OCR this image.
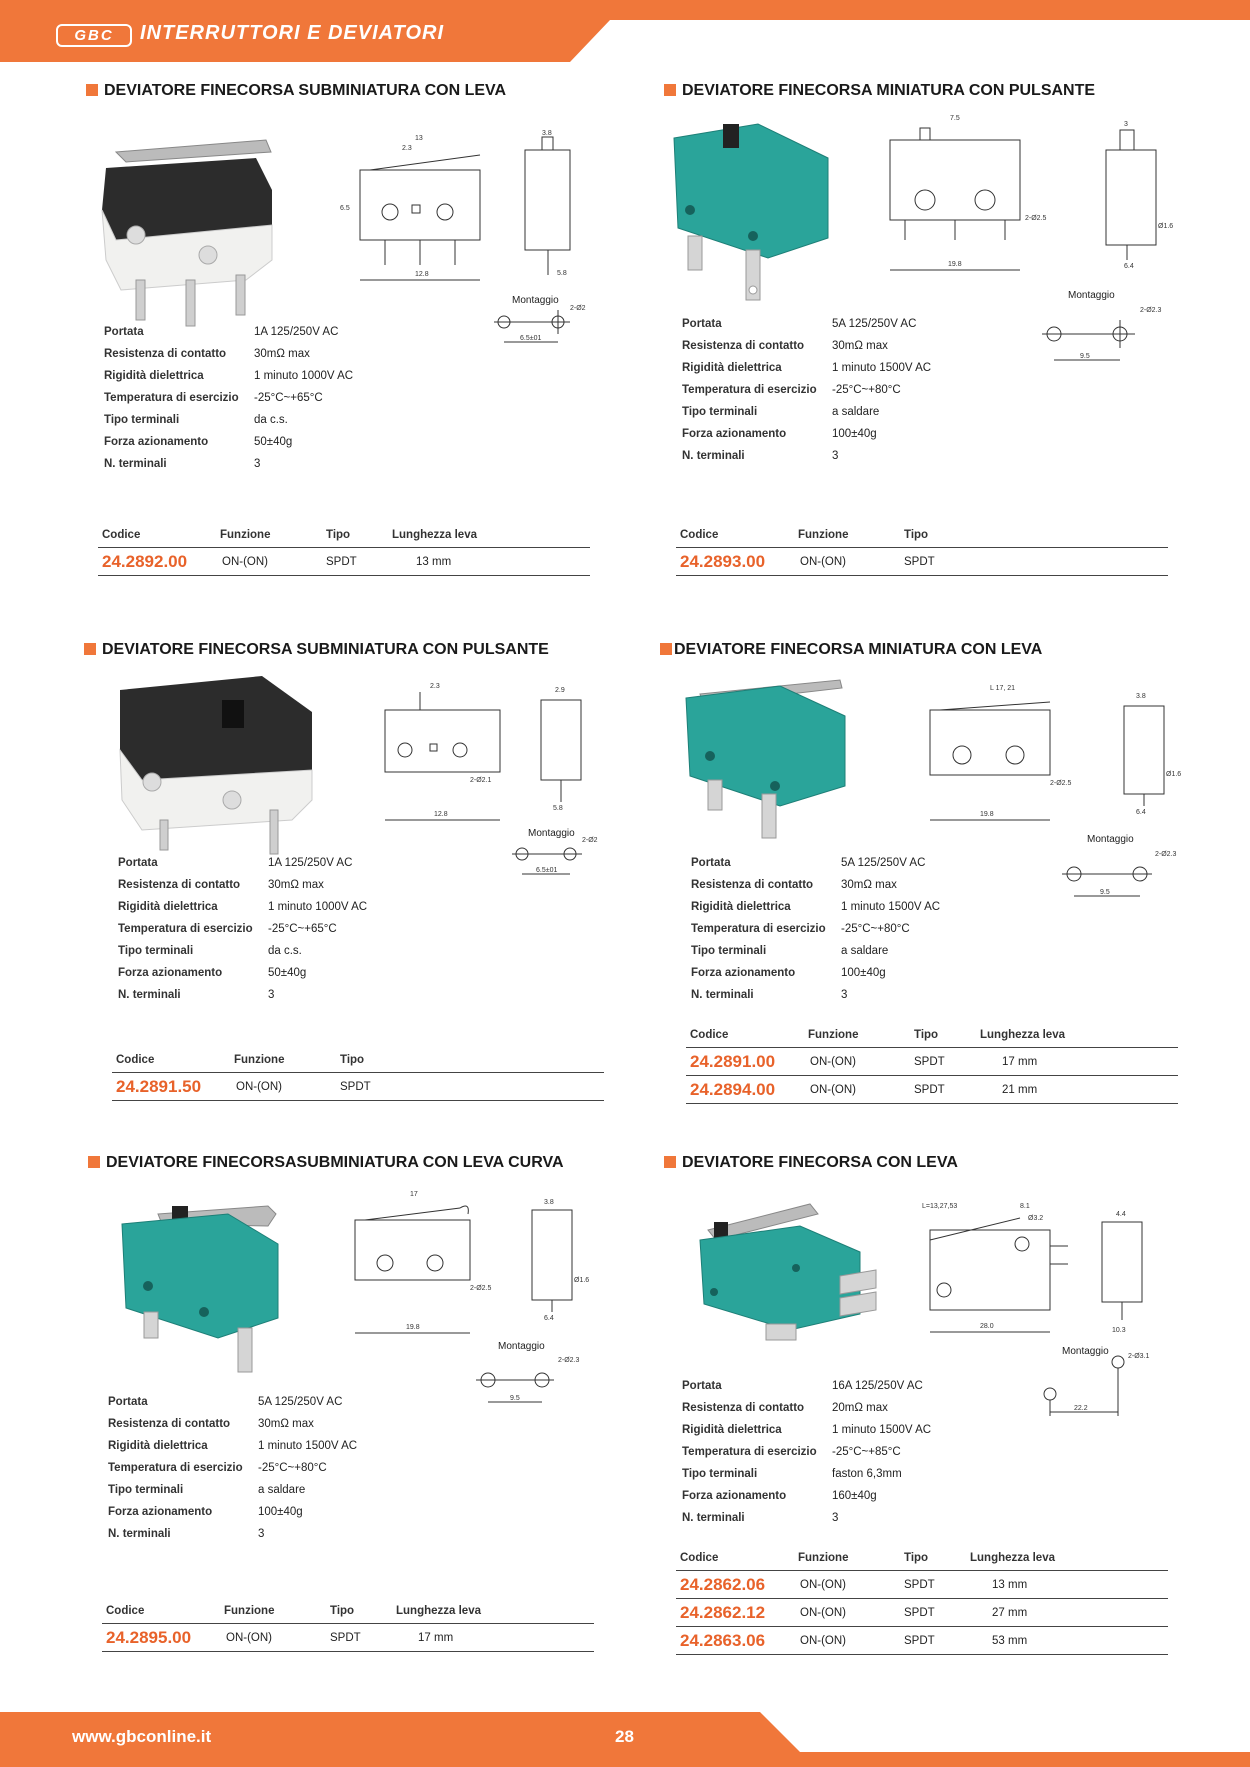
GBC	INTERRUTTORI E DEVIATORI
DEVIATORE FINECORSA SUBMINIATURA CON LEVA
13
2.3
12.8
6.5
3.8
5.8
Montaggio
6.5±01
2-Ø2
Portata	1A 125/250V AC
Resistenza di contatto 30mΩ max
Rigidità dielettrica	1 minuto 1000V AC
Temperatura di esercizio -25°C~+65°C
Tipo terminali	da c.s.
Forza azionamento	50±40g
N. terminali	3
Codice	Funzione	Tipo	Lunghezza leva
24.2892.00	ON-(ON)	SPDT	13 mm
DEVIATORE FINECORSA MINIATURA CON PULSANTE
7.5
19.8
2-Ø2.5
3
6.4
Ø1.6
Montaggio
9.5
2-Ø2.3
Portata	5A 125/250V AC
Resistenza di contatto 30mΩ max
Rigidità dielettrica	1 minuto 1500V AC
Temperatura di esercizio -25°C~+80°C
Tipo terminali	a saldare
Forza azionamento	100±40g
N. terminali	3
Codice	Funzione	Tipo
24.2893.00	ON-(ON)	SPDT
DEVIATORE FINECORSA SUBMINIATURA CON PULSANTE
2.3
12.8
2-Ø2.1
2.9
5.8
Montaggio
6.5±01
2-Ø2
Portata	1A 125/250V AC
Resistenza di contatto 30mΩ max
Rigidità dielettrica	1 minuto 1000V AC
Temperatura di esercizio -25°C~+65°C
Tipo terminali	da c.s.
Forza azionamento	50±40g
N. terminali	3
Codice	Funzione	Tipo
24.2891.50	ON-(ON)	SPDT
DEVIATORE FINECORSA MINIATURA CON LEVA
L 17, 21
19.8
2-Ø2.5
3.8
6.4
Ø1.6
Montaggio
9.5
2-Ø2.3
Portata	5A 125/250V AC
Resistenza di contatto 30mΩ max
Rigidità dielettrica	1 minuto 1500V AC
Temperatura di esercizio -25°C~+80°C
Tipo terminali	a saldare
Forza azionamento	100±40g
N. terminali	3
Codice	Funzione	Tipo	Lunghezza leva
24.2891.00	ON-(ON)	SPDT	17 mm
24.2894.00	ON-(ON)	SPDT	21 mm
DEVIATORE FINECORSASUBMINIATURA CON LEVA CURVA
17
19.8
2-Ø2.5
3.8
6.4
Ø1.6
Montaggio
9.5
2-Ø2.3
Portata	5A 125/250V AC
Resistenza di contatto 30mΩ max
Rigidità dielettrica	1 minuto 1500V AC
Temperatura di esercizio -25°C~+80°C
Tipo terminali	a saldare
Forza azionamento	100±40g
N. terminali	3
Codice	Funzione	Tipo	Lunghezza leva
24.2895.00	ON-(ON)	SPDT	17 mm
DEVIATORE FINECORSA CON LEVA
L=13,27,53	8.1
28.0
Ø3.2
4.4
10.3
Montaggio
22.2
2-Ø3.1
Portata	16A 125/250V AC
Resistenza di contatto 20mΩ max
Rigidità dielettrica	1 minuto 1500V AC
Temperatura di esercizio -25°C~+85°C
Tipo terminali	faston 6,3mm
Forza azionamento	160±40g
N. terminali	3
Codice	Funzione	Tipo	Lunghezza leva
24.2862.06	ON-(ON)	SPDT	13 mm
24.2862.12	ON-(ON)	SPDT	27 mm
24.2863.06	ON-(ON)	SPDT	53 mm
www.gbconline.it	28
